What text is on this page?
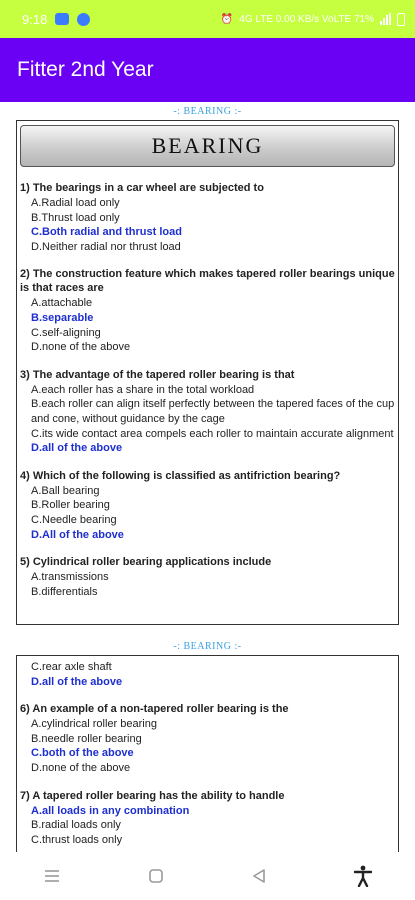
9:18	⏰ 4G LTE 0.00 KB/s VoLTE 71%
Fitter 2nd Year
-: BEARING :-
BEARING
1) The bearings in a car wheel are subjected to
A.Radial load only
B.Thrust load only
C.Both radial and thrust load
D.Neither radial nor thrust load
2) The construction feature which makes tapered roller bearings unique is that races are
A.attachable
B.separable
C.self-aligning
D.none of the above
3) The advantage of the tapered roller bearing is that
A.each roller has a share in the total workload
B.each roller can align itself perfectly between the tapered faces of the cup and cone, without guidance by the cage
C.its wide contact area compels each roller to maintain accurate alignment
D.all of the above
4) Which of the following is classified as antifriction bearing?
A.Ball bearing
B.Roller bearing
C.Needle bearing
D.All of the above
5) Cylindrical roller bearing applications include
A.transmissions
B.differentials
-: BEARING :-
C.rear axle shaft
D.all of the above
6) An example of a non-tapered roller bearing is the
A.cylindrical roller bearing
B.needle roller bearing
C.both of the above
D.none of the above
7) A tapered roller bearing has the ability to handle
A.all loads in any combination
B.radial loads only
C.thrust loads only
